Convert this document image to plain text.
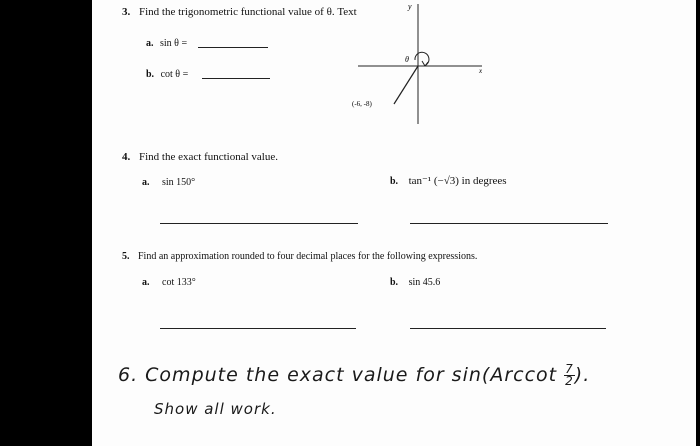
3. Find the trigonometric functional value of θ. Text
a. sin θ =
b. cot θ =
y
x
θ
(-6, -8)
4. Find the exact functional value.
a. sin 150°	b. tan⁻¹ (−√3) in degrees
5. Find an approximation rounded to four decimal places for the following expressions.
a. cot 133°	b. sin 45.6
6. Compute the exact value for $\sin(Arccot \frac{7}{2}$ ).
Show all work.
